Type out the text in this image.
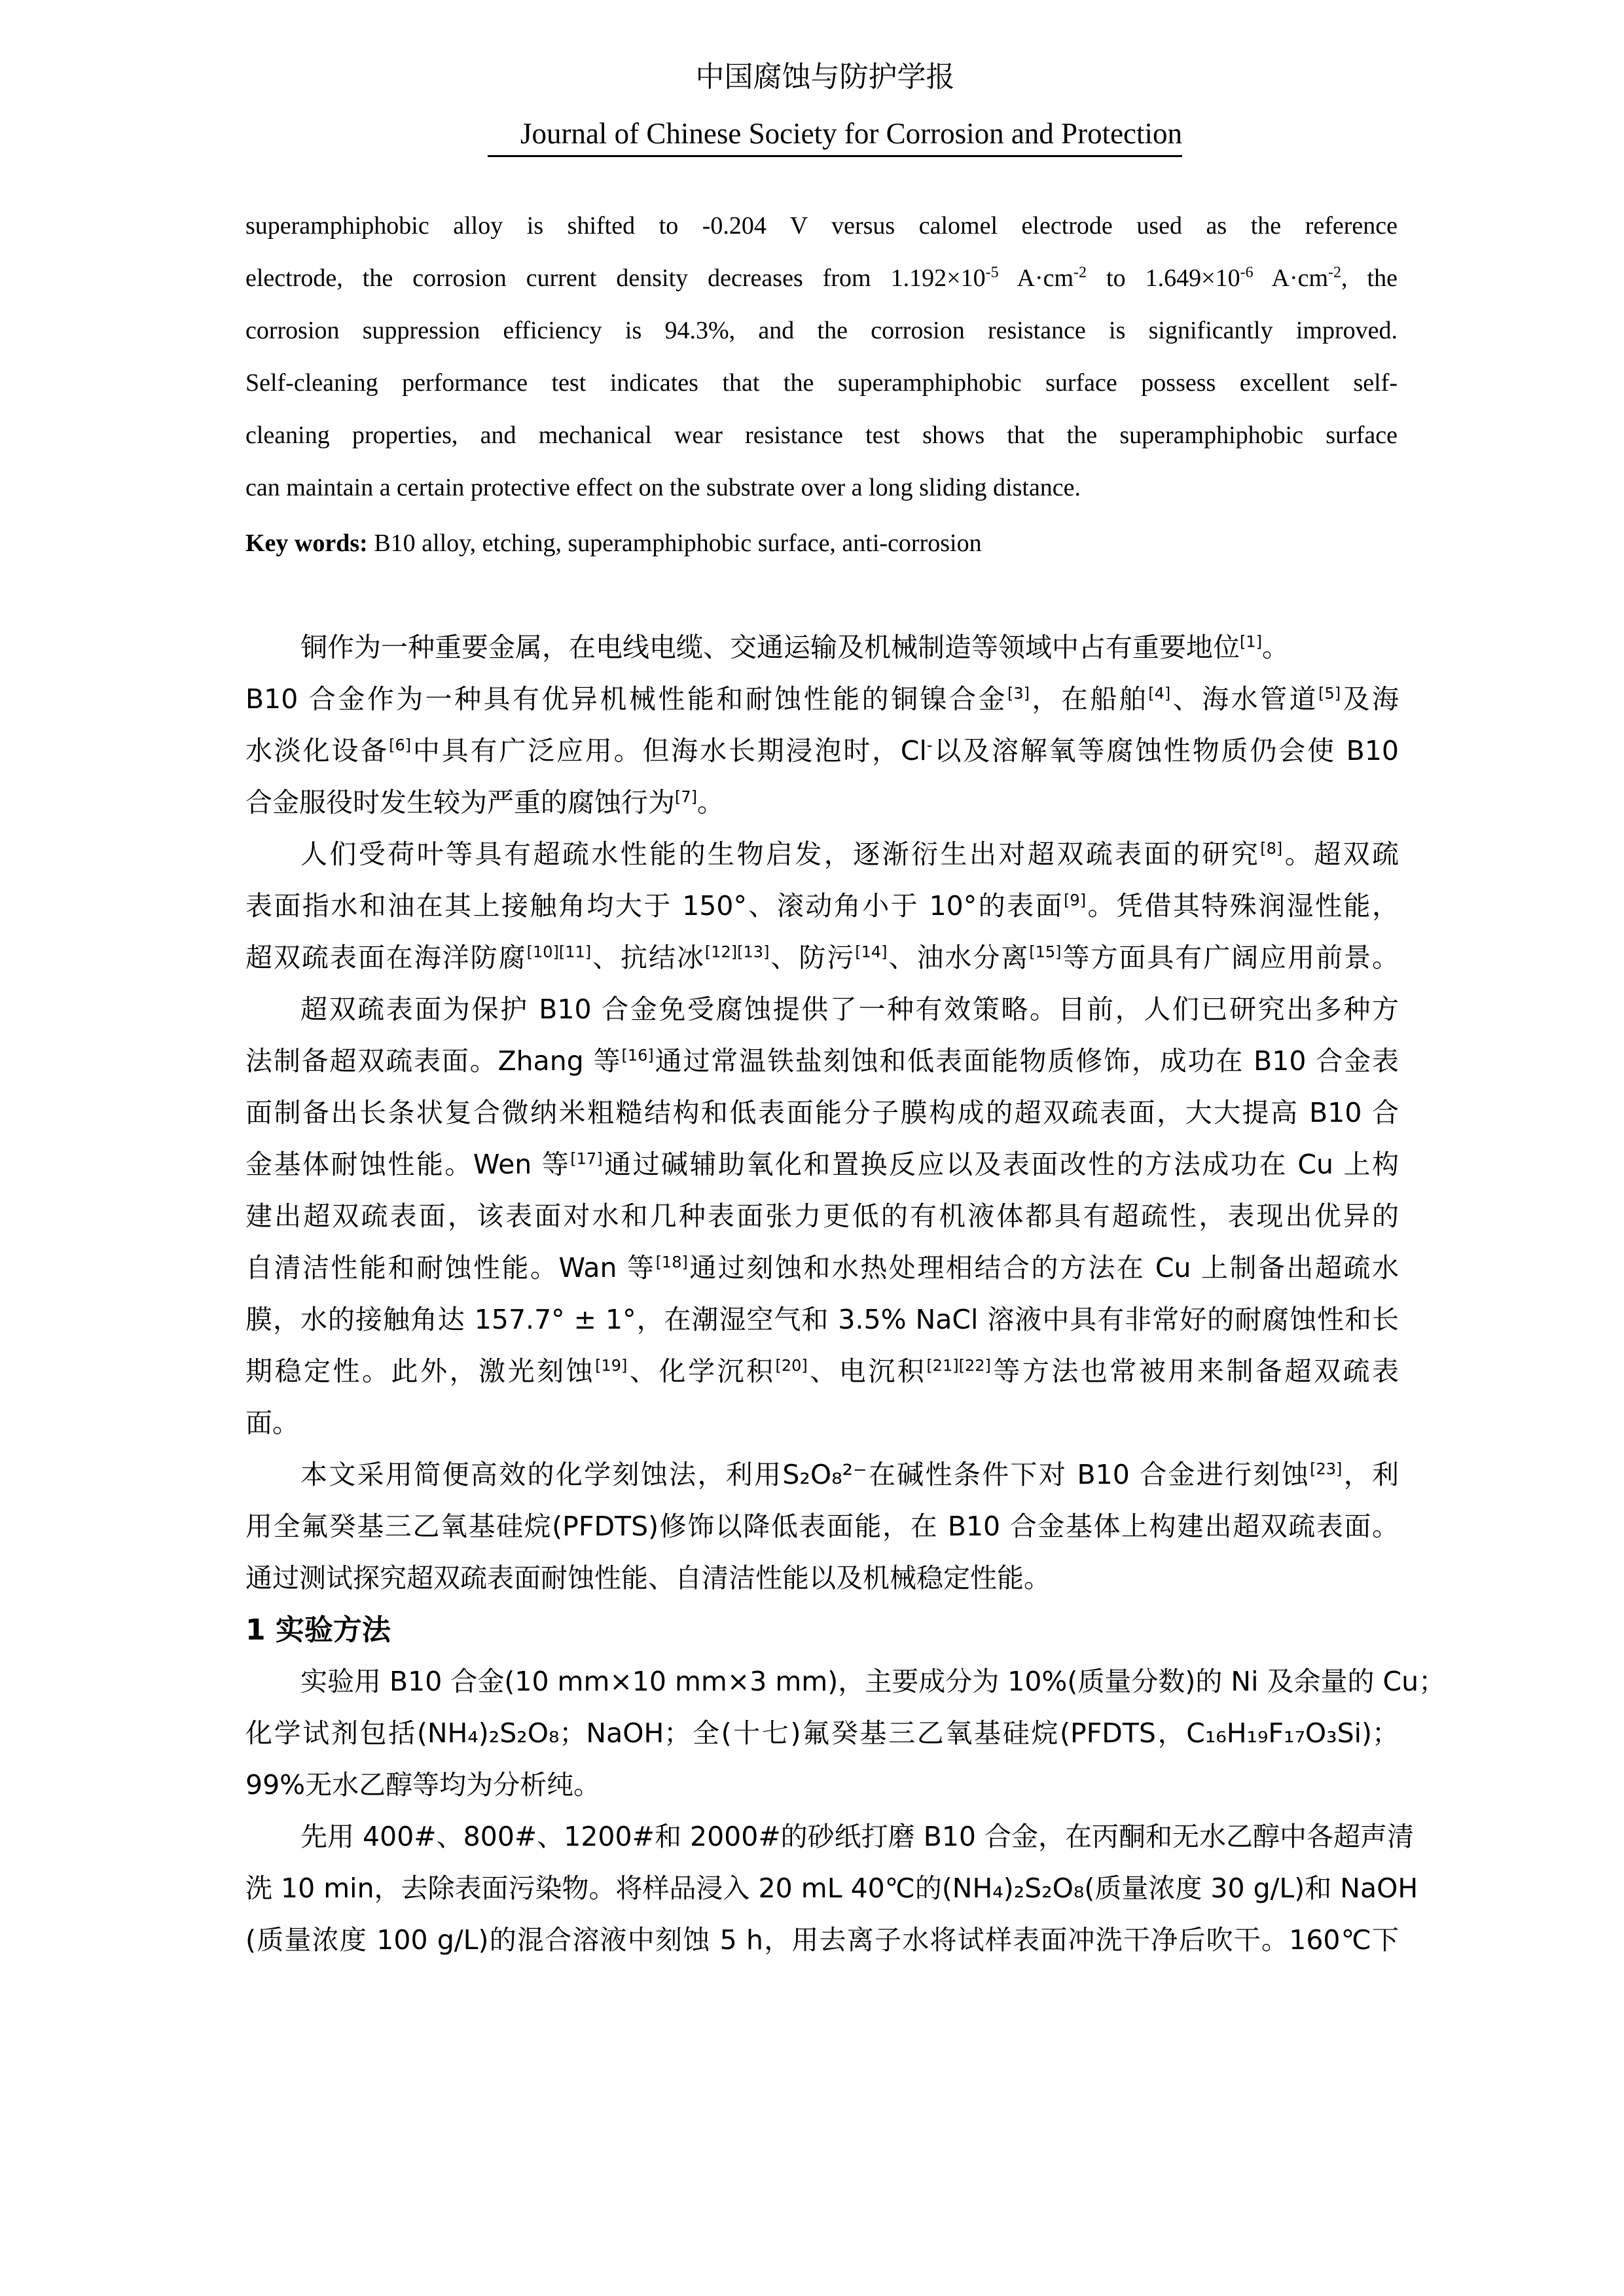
中国腐蚀与防护学报
Journal of Chinese Society for Corrosion and Protection
superamphiphobic alloy is shifted to -0.204 V versus calomel electrode used as the reference
electrode, the corrosion current density decreases from $1.192\times 10^{-5}$ $A\cdot cm^{-2}$ to $1.649\times 10^{-6}$ $A\cdot cm^{-2}$, the
corrosion suppression efficiency is 94.3%, and the corrosion resistance is significantly improved.
Self-cleaning performance test indicates that the superamphiphobic surface possess excellent self-
cleaning properties, and mechanical wear resistance test shows that the superamphiphobic surface
can maintain a certain protective effect on the substrate over a long sliding distance.
Key words: B10 alloy, etching, superamphiphobic surface, anti-corrosion
铜作为一种重要金属，在电线电缆、交通运输及机械制造等领域中占有重要地位[1]。
B10 合金作为一种具有优异机械性能和耐蚀性能的铜镍合金[3]，在船舶[4]、海水管道[5]及海
水淡化设备[6]中具有广泛应用。但海水长期浸泡时，Cl-以及溶解氧等腐蚀性物质仍会使 B10
合金服役时发生较为严重的腐蚀行为[7]。
人们受荷叶等具有超疏水性能的生物启发，逐渐衍生出对超双疏表面的研究[8]。超双疏
表面指水和油在其上接触角均大于 150°、滚动角小于 10°的表面[9]。凭借其特殊润湿性能，
超双疏表面在海洋防腐[10][11]、抗结冰[12][13]、防污[14]、油水分离[15]等方面具有广阔应用前景。
超双疏表面为保护 B10 合金免受腐蚀提供了一种有效策略。目前，人们已研究出多种方
法制备超双疏表面。Zhang 等[16]通过常温铁盐刻蚀和低表面能物质修饰，成功在 B10 合金表
面制备出长条状复合微纳米粗糙结构和低表面能分子膜构成的超双疏表面，大大提高 B10 合
金基体耐蚀性能。Wen 等[17]通过碱辅助氧化和置换反应以及表面改性的方法成功在 Cu 上构
建出超双疏表面，该表面对水和几种表面张力更低的有机液体都具有超疏性，表现出优异的
自清洁性能和耐蚀性能。Wan 等[18]通过刻蚀和水热处理相结合的方法在 Cu 上制备出超疏水
膜，水的接触角达 157.7° ± 1°，在潮湿空气和 3.5% NaCl 溶液中具有非常好的耐腐蚀性和长
期稳定性。此外，激光刻蚀[19]、化学沉积[20]、电沉积[21][22]等方法也常被用来制备超双疏表
面。
本文采用简便高效的化学刻蚀法，利用S₂O₈²⁻在碱性条件下对 B10 合金进行刻蚀[23]，利
用全氟癸基三乙氧基硅烷(PFDTS)修饰以降低表面能，在 B10 合金基体上构建出超双疏表面。
通过测试探究超双疏表面耐蚀性能、自清洁性能以及机械稳定性能。
1 实验方法
实验用 B10 合金(10 mm×10 mm×3 mm)，主要成分为 10%(质量分数)的 Ni 及余量的 Cu；
化学试剂包括(NH₄)₂S₂O₈；NaOH；全(十七)氟癸基三乙氧基硅烷(PFDTS，C₁₆H₁₉F₁₇O₃Si)；
99%无水乙醇等均为分析纯。
先用 400#、800#、1200#和 2000#的砂纸打磨 B10 合金，在丙酮和无水乙醇中各超声清
洗 10 min，去除表面污染物。将样品浸入 20 mL 40℃的(NH₄)₂S₂O₈(质量浓度 30 g/L)和 NaOH
(质量浓度 100 g/L)的混合溶液中刻蚀 5 h，用去离子水将试样表面冲洗干净后吹干。160℃下
